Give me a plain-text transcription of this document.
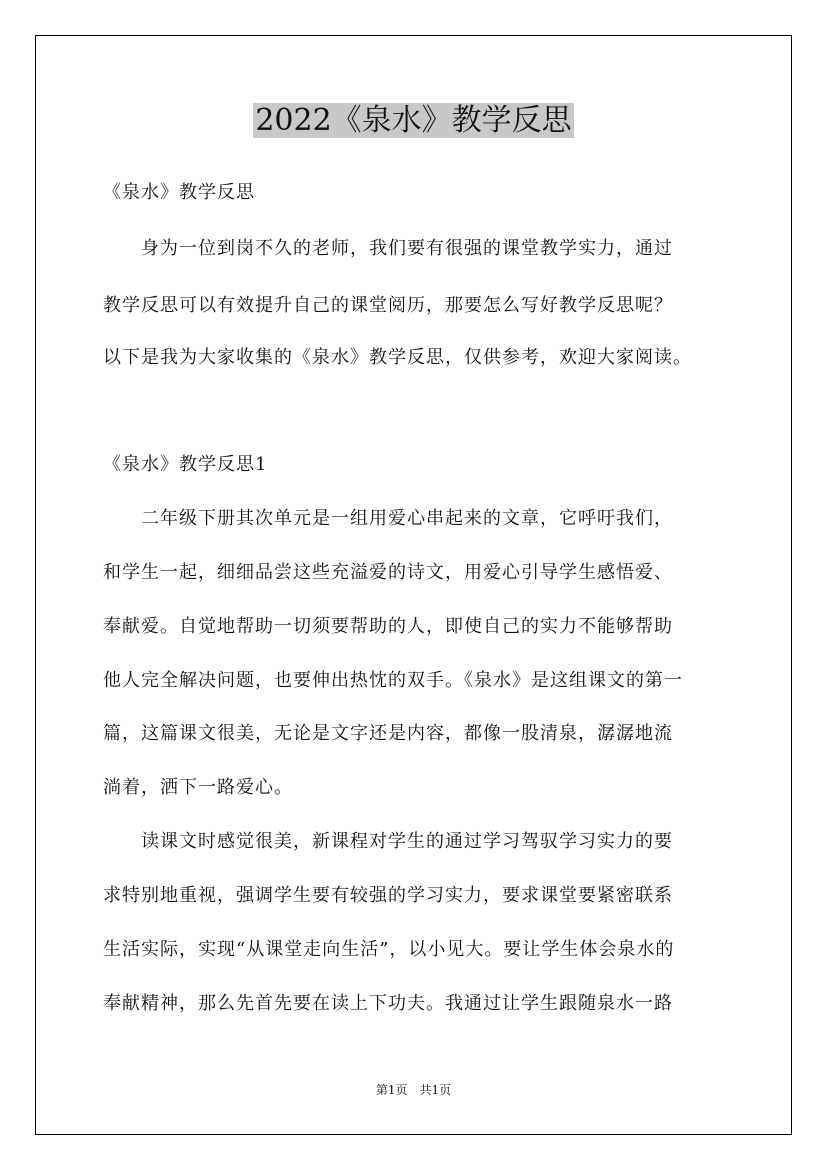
2022《泉水》教学反思
《泉水》教学反思
身为一位到岗不久的老师，我们要有很强的课堂教学实力，通过
教学反思可以有效提升自己的课堂阅历，那要怎么写好教学反思呢？
以下是我为大家收集的《泉水》教学反思，仅供参考，欢迎大家阅读。
《泉水》教学反思1
二年级下册其次单元是一组用爱心串起来的文章，它呼吁我们，
和学生一起，细细品尝这些充溢爱的诗文，用爱心引导学生感悟爱、
奉献爱。自觉地帮助一切须要帮助的人，即使自己的实力不能够帮助
他人完全解决问题，也要伸出热忱的双手。《泉水》是这组课文的第一
篇，这篇课文很美，无论是文字还是内容，都像一股清泉，潺潺地流
淌着，洒下一路爱心。
读课文时感觉很美，新课程对学生的通过学习驾驭学习实力的要
求特别地重视，强调学生要有较强的学习实力，要求课堂要紧密联系
生活实际，实现“从课堂走向生活”，以小见大。要让学生体会泉水的
奉献精神，那么先首先要在读上下功夫。我通过让学生跟随泉水一路
第1页　共1页
